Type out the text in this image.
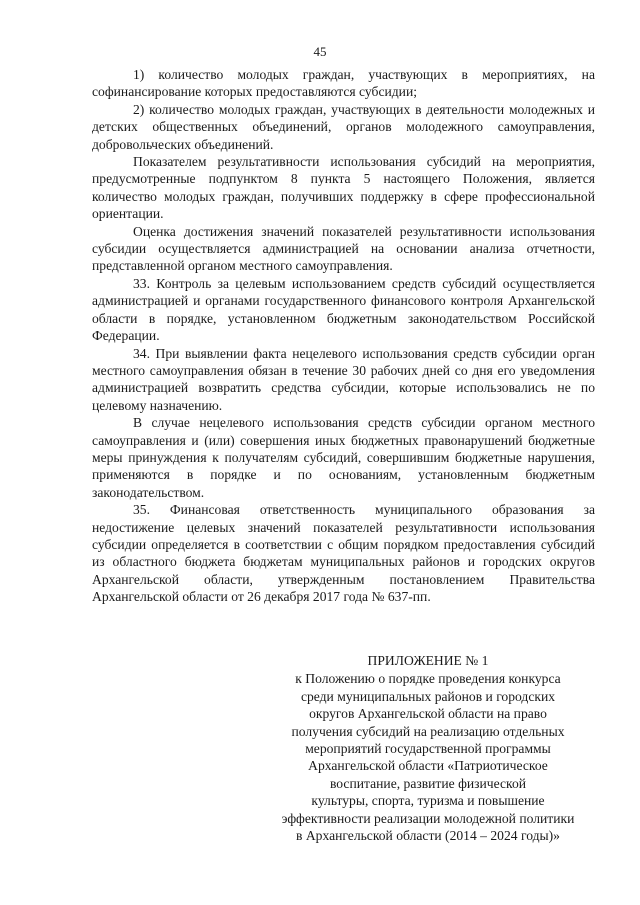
45

1) количество молодых граждан, участвующих в мероприятиях, на софинансирование которых предоставляются субсидии;

2) количество молодых граждан, участвующих в деятельности молодежных и детских общественных объединений, органов молодежного самоуправления, добровольческих объединений.

Показателем результативности использования субсидий на мероприятия, предусмотренные подпунктом 8 пункта 5 настоящего Положения, является количество молодых граждан, получивших поддержку в сфере профессиональной ориентации.

Оценка достижения значений показателей результативности использования субсидии осуществляется администрацией на основании анализа отчетности, представленной органом местного самоуправления.

33. Контроль за целевым использованием средств субсидий осуществляется администрацией и органами государственного финансового контроля Архангельской области в порядке, установленном бюджетным законодательством Российской Федерации.

34. При выявлении факта нецелевого использования средств субсидии орган местного самоуправления обязан в течение 30 рабочих дней со дня его уведомления администрацией возвратить средства субсидии, которые использовались не по целевому назначению.

В случае нецелевого использования средств субсидии органом местного самоуправления и (или) совершения иных бюджетных правонарушений бюджетные меры принуждения к получателям субсидий, совершившим бюджетные нарушения, применяются в порядке и по основаниям, установленным бюджетным законодательством.

35. Финансовая ответственность муниципального образования за недостижение целевых значений показателей результативности использования субсидии определяется в соответствии с общим порядком предоставления субсидий из областного бюджета бюджетам муниципальных районов и городских округов Архангельской области, утвержденным постановлением Правительства Архангельской области от 26 декабря 2017 года № 637-пп.

ПРИЛОЖЕНИЕ № 1
к Положению о порядке проведения конкурса
среди муниципальных районов и городских
округов Архангельской области на право
получения субсидий на реализацию отдельных
мероприятий государственной программы
Архангельской области «Патриотическое
воспитание, развитие физической
культуры, спорта, туризма и повышение
эффективности реализации молодежной политики
в Архангельской области (2014 – 2024 годы)»
